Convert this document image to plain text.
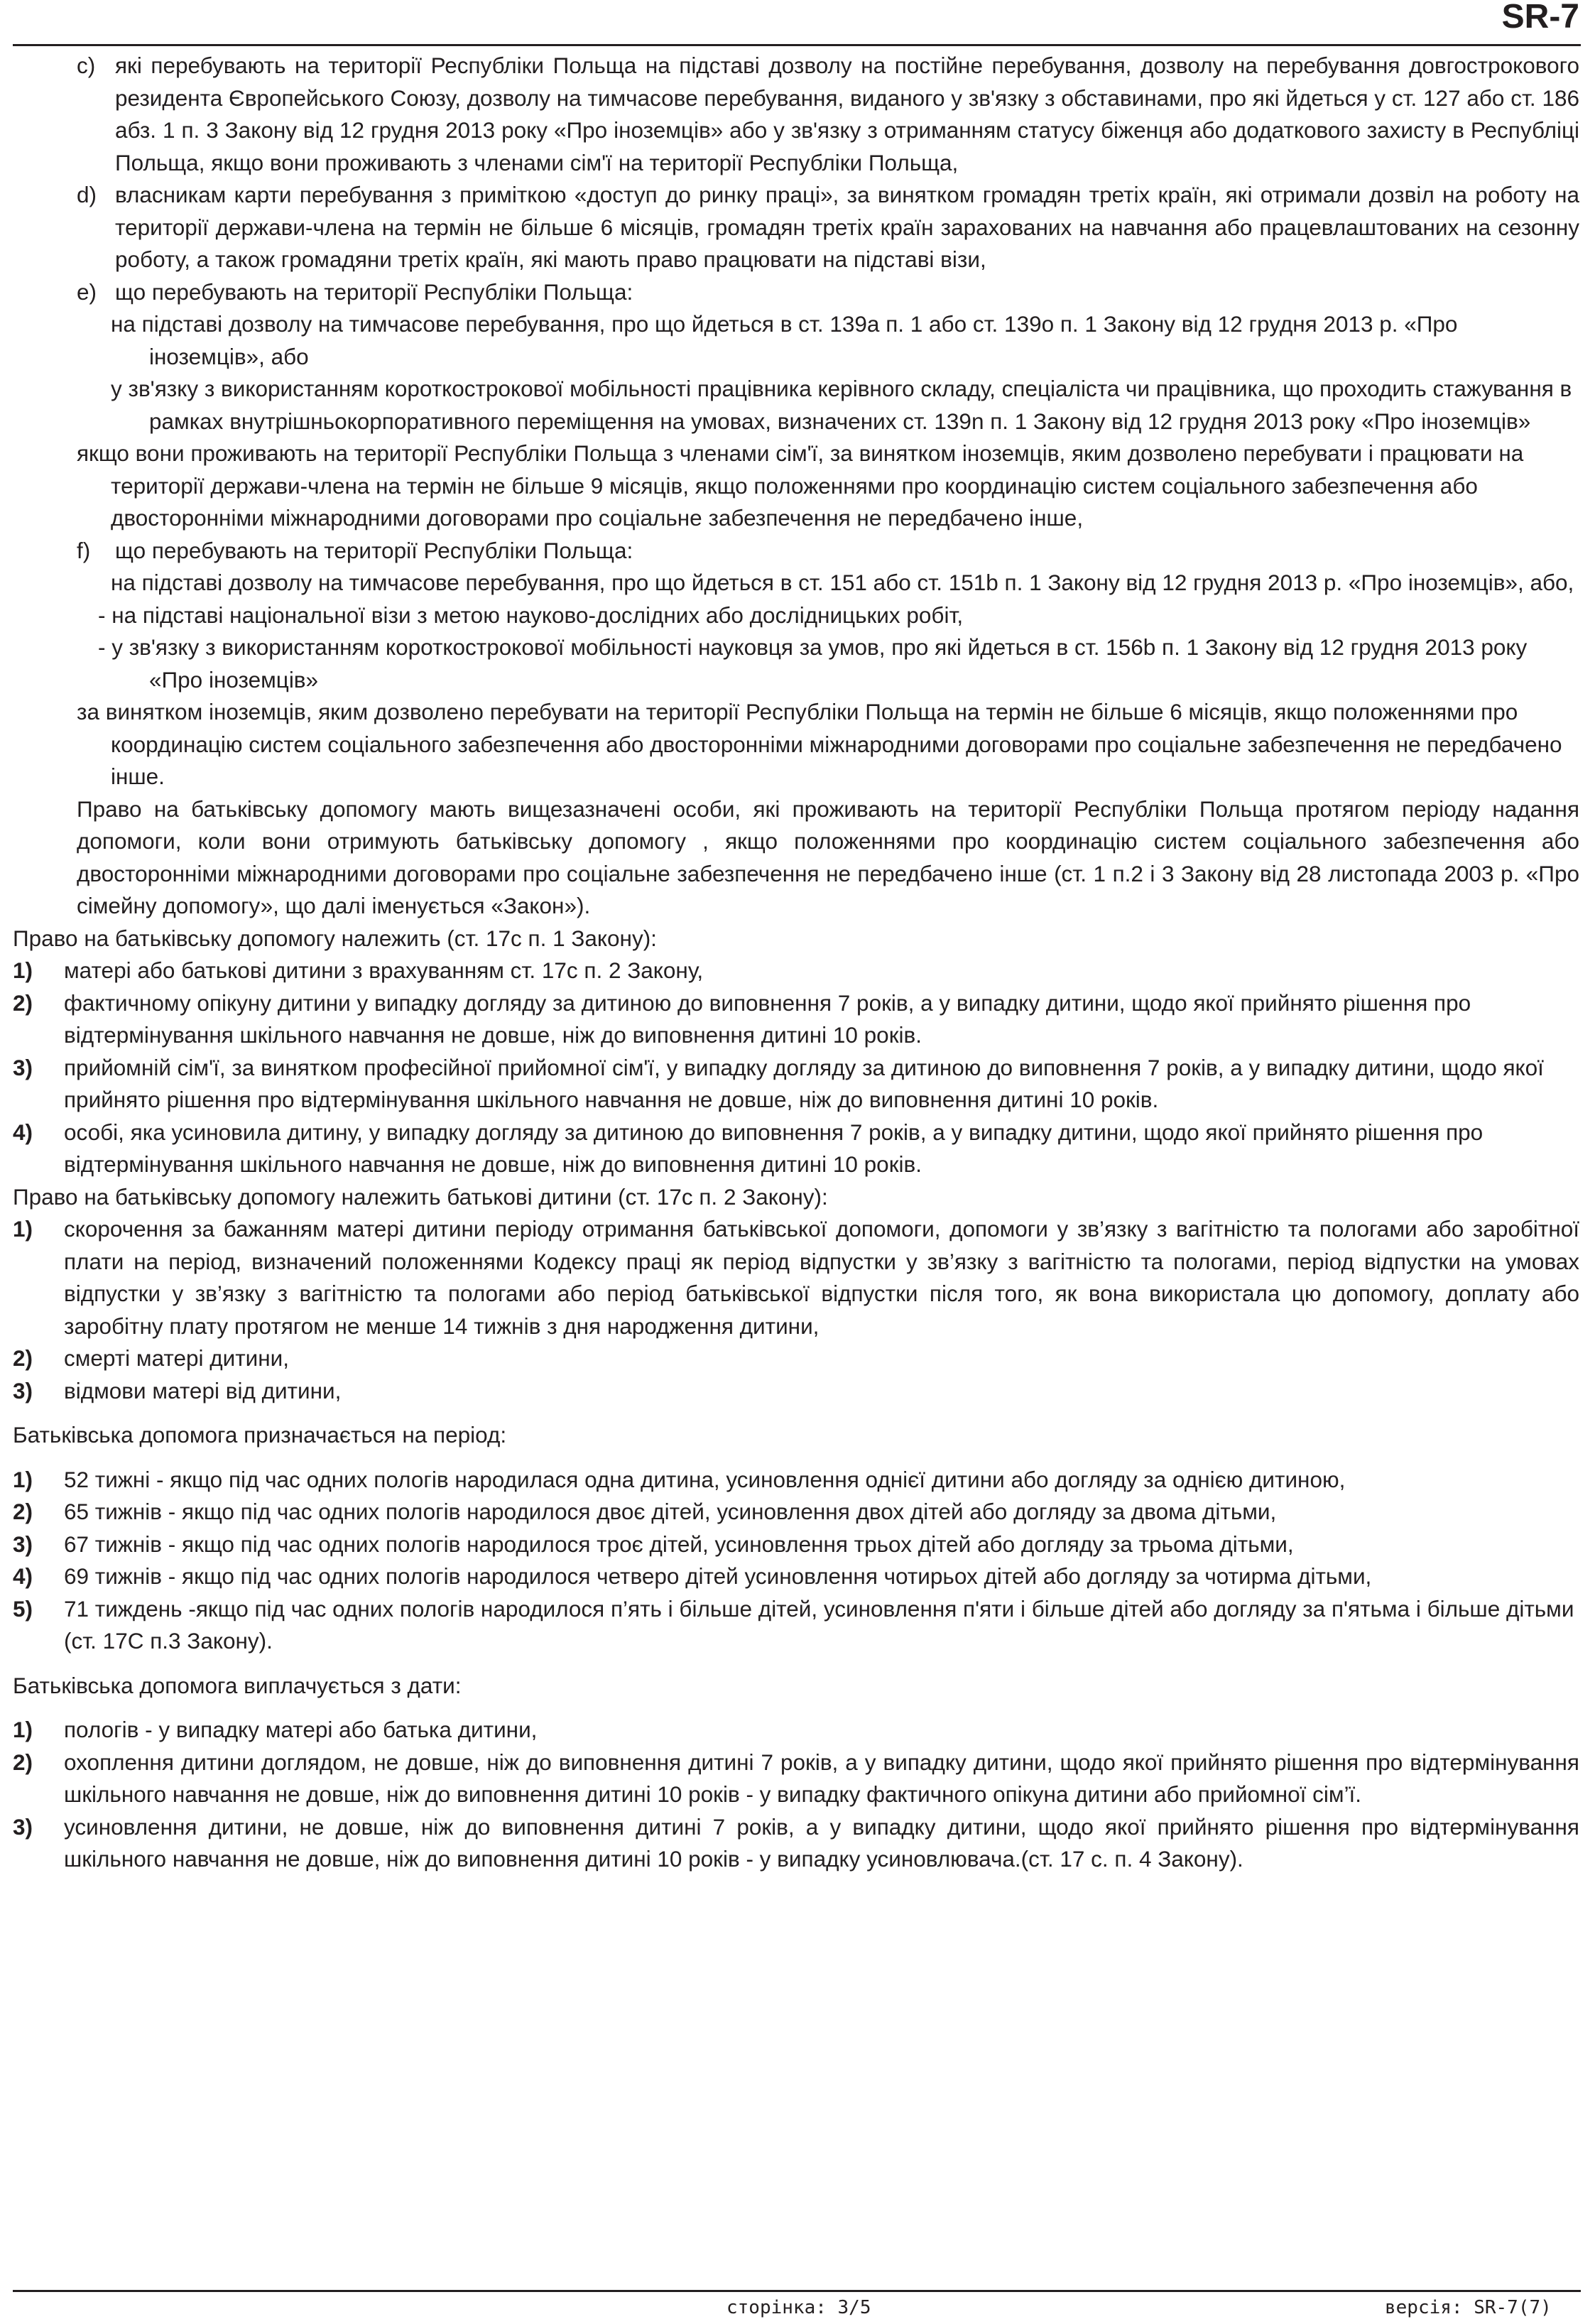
SR-7
c) які перебувають на території Республіки Польща на підставі дозволу на постійне перебування, дозволу на перебування довгострокового резидента Європейського Союзу, дозволу на тимчасове перебування, виданого у зв'язку з обставинами, про які йдеться у ст. 127 або ст. 186 абз. 1 п. 3 Закону від 12 грудня 2013 року «Про іноземців» або у зв'язку з отриманням статусу біженця або додаткового захисту в Республіці Польща, якщо вони проживають з членами сім'ї на території Республіки Польща,
d) власникам карти перебування з приміткою «доступ до ринку праці», за винятком громадян третіх країн, які отримали дозвіл на роботу на території держави-члена на термін не більше 6 місяців, громадян третіх країн зарахованих на навчання або працевлаштованих на сезонну роботу, а також громадяни третіх країн, які мають право працювати на підставі візи,
e) що перебувають на території Республіки Польща:
на підставі дозволу на тимчасове перебування, про що йдеться в ст. 139a п. 1 або ст. 139o п. 1 Закону від 12 грудня 2013 р. «Про іноземців», або
у зв'язку з використанням короткострокової мобільності працівника керівного складу, спеціаліста чи працівника, що проходить стажування в рамках внутрішньокорпоративного переміщення на умовах, визначених ст. 139n п. 1 Закону від 12 грудня 2013 року «Про іноземців»
якщо вони проживають на території Республіки Польща з членами сім'ї, за винятком іноземців, яким дозволено перебувати і працювати на території держави-члена на термін не більше 9 місяців, якщо положеннями про координацію систем соціального забезпечення або двосторонніми міжнародними договорами про соціальне забезпечення не передбачено інше,
f)	що перебувають на території Республіки Польща:
на підставі дозволу на тимчасове перебування, про що йдеться в ст. 151 або ст. 151b п. 1 Закону від 12 грудня 2013 р. «Про іноземців», або,
- на підставі національної візи з метою науково-дослідних або дослідницьких робіт,
- у зв'язку з використанням короткострокової мобільності науковця за умов, про які йдеться в ст. 156b п. 1 Закону від 12 грудня 2013 року «Про іноземців»
за винятком іноземців, яким дозволено перебувати на території Республіки Польща на термін не більше 6 місяців, якщо положеннями про координацію систем соціального забезпечення або двосторонніми міжнародними договорами про соціальне забезпечення не передбачено інше.
Право на батьківську допомогу мають вищезазначені особи, які проживають на території Республіки Польща протягом періоду надання допомоги, коли вони отримують батьківську допомогу , якщо положеннями про координацію систем соціального забезпечення або двосторонніми міжнародними договорами про соціальне забезпечення не передбачено інше (ст. 1 п.2 і 3 Закону від 28 листопада 2003 р. «Про сімейну допомогу», що далі іменується «Закон»).
Право на батьківську допомогу належить (ст. 17c п. 1 Закону):
1)	матері або батькові дитини з врахуванням ст. 17c п. 2 Закону,
2)	фактичному опікуну дитини у випадку догляду за дитиною до виповнення 7 років, а у випадку дитини, щодо якої прийнято рішення про відтермінування шкільного навчання не довше, ніж до виповнення дитині 10 років.
3)	прийомній сім'ї, за винятком професійної прийомної сім'ї, у випадку догляду за дитиною до виповнення 7 років, а у випадку дитини, щодо якої прийнято рішення про відтермінування шкільного навчання не довше, ніж до виповнення дитині 10 років.
4)	особі, яка усиновила дитину, у випадку догляду за дитиною до виповнення 7 років, а у випадку дитини, щодо якої прийнято рішення про відтермінування шкільного навчання не довше, ніж до виповнення дитині 10 років.
Право на батьківську допомогу належить батькові дитини (ст. 17c п. 2 Закону):
1)	скорочення за бажанням матері дитини періоду отримання батьківської допомоги, допомоги у зв’язку з вагітністю та пологами або заробітної плати на період, визначений положеннями Кодексу праці як період відпустки у зв’язку з вагітністю та пологами, період відпустки на умовах відпустки у зв’язку з вагітністю та пологами або період батьківської відпустки після того, як вона використала цю допомогу, доплату або заробітну плату протягом не менше 14 тижнів з дня народження дитини,
2)	смерті матері дитини,
3)	відмови матері від дитини,
Батьківська допомога призначається на період:
1)	52 тижні - якщо під час одних пологів народилася одна дитина, усиновлення однієї дитини або догляду за однією дитиною,
2)	65 тижнів - якщо під час одних пологів народилося двоє дітей, усиновлення двох дітей або догляду за двома дітьми,
3)	67 тижнів - якщо під час одних пологів народилося троє дітей, усиновлення трьох дітей або догляду за трьома дітьми,
4)	69 тижнів - якщо під час одних пологів народилося четверо дітей усиновлення чотирьох дітей або догляду за чотирма дітьми,
5)	71 тиждень -якщо під час одних пологів народилося п’ять і більше дітей, усиновлення п'яти і більше дітей або догляду за п'ятьма і більше дітьми (ст. 17C п.3 Закону).
Батьківська допомога виплачується з дати:
1)	пологів - у випадку матері або батька дитини,
2)	охоплення дитини доглядом, не довше, ніж до виповнення дитині 7 років, а у випадку дитини, щодо якої прийнято рішення про відтермінування шкільного навчання не довше, ніж до виповнення дитині 10 років - у випадку фактичного опікуна дитини або прийомної сім’ї.
3)	усиновлення дитини, не довше, ніж до виповнення дитині 7 років, а у випадку дитини, щодо якої прийнято рішення про відтермінування шкільного навчання не довше, ніж до виповнення дитині 10 років - у випадку усиновлювача.(ст. 17 с. п. 4 Закону).
сторінка: 3/5	версія: SR-7(7)
